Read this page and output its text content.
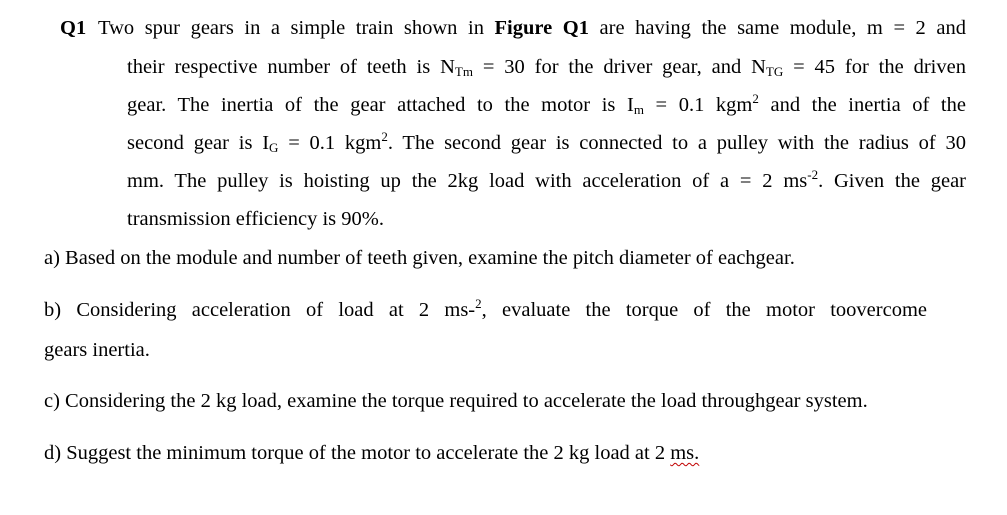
Q1 Two spur gears in a simple train shown in Figure Q1 are having the same module, m = 2 and
their respective number of teeth is $N_{Tm} = 30$ for the driver gear, and $N_{TG} = 45$ for the driven
gear. The inertia of the gear attached to the motor is $I_m = 0.1$ kgm$^2$ and the inertia of the
second gear is $I_G = 0.1$ kgm$^2$. The second gear is connected to a pulley with the radius of 30
mm. The pulley is hoisting up the 2kg load with acceleration of a = 2 $ms^{-2}$. Given the gear
transmission efficiency is 90%.
a) Based on the module and number of teeth given, examine the pitch diameter of eachgear.
b) Considering acceleration of load at 2 ms-$^2$, evaluate the torque of the motor toovercome
gears inertia.
c) Considering the 2 kg load, examine the torque required to accelerate the load throughgear system.
d) Suggest the minimum torque of the motor to accelerate the 2 kg load at 2 ms.
